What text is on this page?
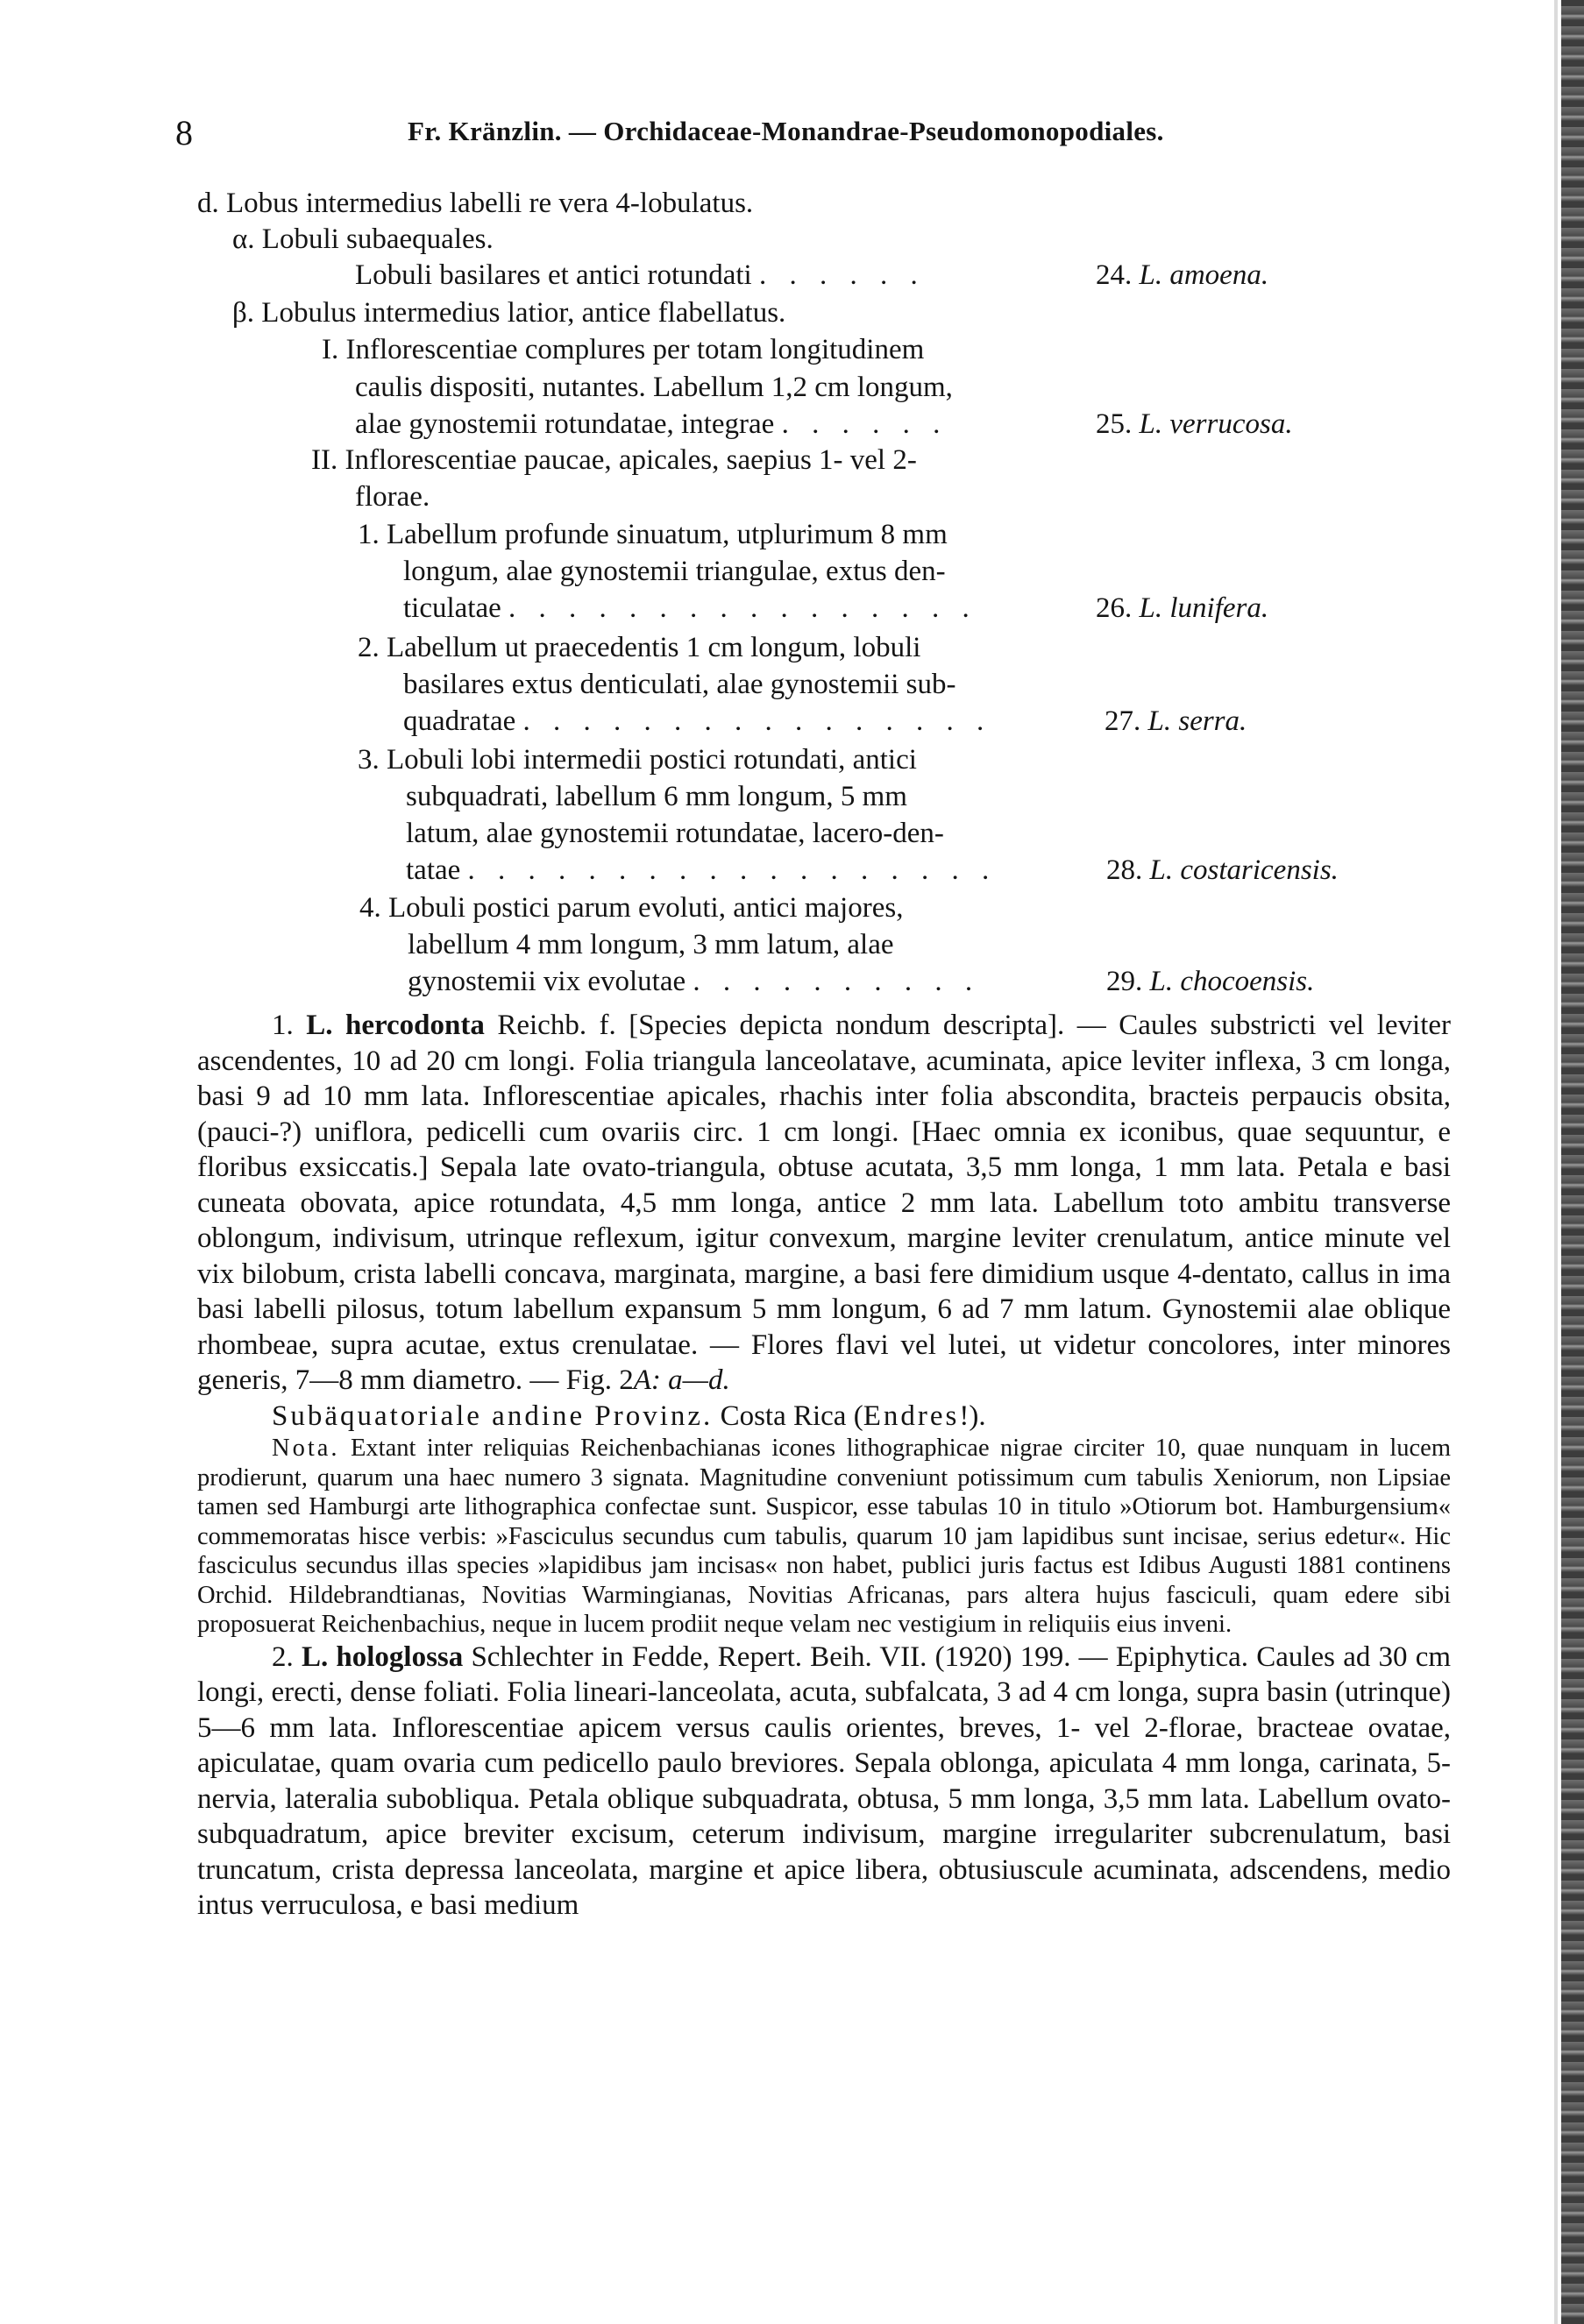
8	Fr. Kränzlin. — Orchidaceae-Monandrae-Pseudomonopodiales.
d. Lobus intermedius labelli re vera 4-lobulatus.
α. Lobuli subaequales.
Lobuli basilares et antici rotundati . . . . . .
β. Lobulus intermedius latior, antice flabellatus.
I. Inflorescentiae complures per totam longitudinem
caulis dispositi, nutantes. Labellum 1,2 cm longum,
alae gynostemii rotundatae, integrae . . . . . .
II. Inflorescentiae paucae, apicales, saepius 1- vel 2-
florae.
1. Labellum profunde sinuatum, utplurimum 8 mm
longum, alae gynostemii triangulae, extus den-
ticulatae . . . . . . . . . . . . . . . .
2. Labellum ut praecedentis 1 cm longum, lobuli
basilares extus denticulati, alae gynostemii sub-
quadratae . . . . . . . . . . . . . . . .
3. Lobuli lobi intermedii postici rotundati, antici
subquadrati, labellum 6 mm longum, 5 mm
latum, alae gynostemii rotundatae, lacero-den-
tatae . . . . . . . . . . . . . . . . . .
4. Lobuli postici parum evoluti, antici majores,
labellum 4 mm longum, 3 mm latum, alae
gynostemii vix evolutae . . . . . . . . . .
24. L. amoena.
25. L. verrucosa.
26. L. lunifera.
27. L. serra.
28. L. costaricensis.
29. L. chocoensis.

1. L. hercodonta Reichb. f. [Species depicta nondum descripta]. — Caules substricti vel leviter ascendentes, 10 ad 20 cm longi. Folia triangula lanceolatave, acuminata, apice leviter inflexa, 3 cm longa, basi 9 ad 10 mm lata. Inflorescentiae apicales, rhachis inter folia abscondita, bracteis perpaucis obsita, (pauci-?) uniflora, pedicelli cum ovariis circ. 1 cm longi. [Haec omnia ex iconibus, quae sequuntur, e floribus exsiccatis.] Sepala late ovato-triangula, obtuse acutata, 3,5 mm longa, 1 mm lata. Petala e basi cuneata obovata, apice rotundata, 4,5 mm longa, antice 2 mm lata. Labellum toto ambitu transverse oblongum, indivisum, utrinque reflexum, igitur convexum, margine leviter crenulatum, antice minute vel vix bilobum, crista labelli concava, marginata, margine, a basi fere dimidium usque 4-dentato, callus in ima basi labelli pilosus, totum labellum expansum 5 mm longum, 6 ad 7 mm latum. Gynostemii alae oblique rhombeae, supra acutae, extus crenulatae. — Flores flavi vel lutei, ut videtur concolores, inter minores generis, 7—8 mm diametro. — Fig. 2A: a—d.

Subäquatoriale andine Provinz. Costa Rica (Endres!).

Nota. Extant inter reliquias Reichenbachianas icones lithographicae nigrae circiter 10, quae nunquam in lucem prodierunt, quarum una haec numero 3 signata. Magnitudine conveniunt potissimum cum tabulis Xeniorum, non Lipsiae tamen sed Hamburgi arte lithographica confectae sunt. Suspicor, esse tabulas 10 in titulo »Otiorum bot. Hamburgensium« commemoratas hisce verbis: »Fasciculus secundus cum tabulis, quarum 10 jam lapidibus sunt incisae, serius edetur«. Hic fasciculus secundus illas species »lapidibus jam incisas« non habet, publici juris factus est Idibus Augusti 1881 continens Orchid. Hildebrandtianas, Novitias Warmingianas, Novitias Africanas, pars altera hujus fasciculi, quam edere sibi proposuerat Reichenbachius, neque in lucem prodiit neque velam nec vestigium in reliquiis eius inveni.

2. L. hologlossa Schlechter in Fedde, Repert. Beih. VII. (1920) 199. — Epiphytica. Caules ad 30 cm longi, erecti, dense foliati. Folia lineari-lanceolata, acuta, subfalcata, 3 ad 4 cm longa, supra basin (utrinque) 5—6 mm lata. Inflorescentiae apicem versus caulis orientes, breves, 1- vel 2-florae, bracteae ovatae, apiculatae, quam ovaria cum pedicello paulo breviores. Sepala oblonga, apiculata 4 mm longa, carinata, 5-nervia, lateralia subobliqua. Petala oblique subquadrata, obtusa, 5 mm longa, 3,5 mm lata. Labellum ovato-subquadratum, apice breviter excisum, ceterum indivisum, margine irregulariter subcrenulatum, basi truncatum, crista depressa lanceolata, margine et apice libera, obtusiuscule acuminata, adscendens, medio intus verruculosa, e basi medium
